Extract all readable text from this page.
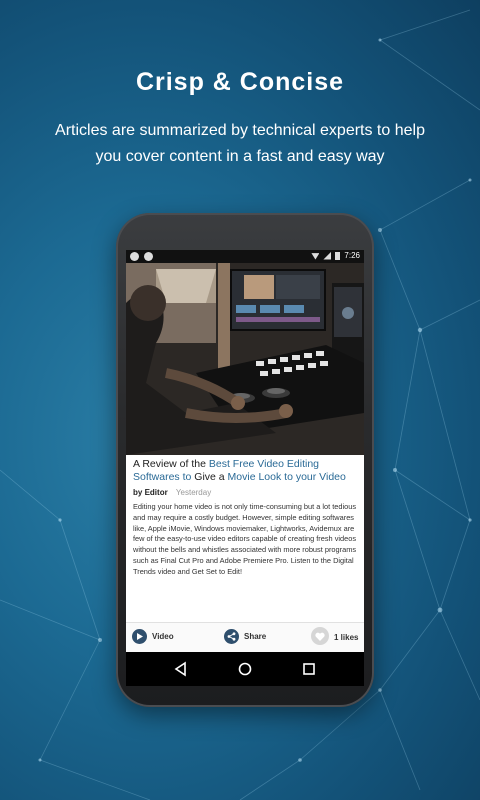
Crisp & Concise
Articles are summarized by technical experts to help you cover content in a fast and easy way
7:26
A Review of the Best Free Video Editing Softwares to Give a Movie Look to your Video
by Editor Yesterday
Editing your home video is not only time-consuming but a lot tedious and may require a costly budget. However, simple editing softwares like, Apple iMovie, Windows moviemaker, Lightworks, Avidemux are few of the easy-to-use video editors capable of creating fresh videos without the bells and whistles associated with more robust programs such as Final Cut Pro and Adobe Premiere Pro. Listen to the Digital Trends video and Get Set to Edit!
Video	Share	1 likes
